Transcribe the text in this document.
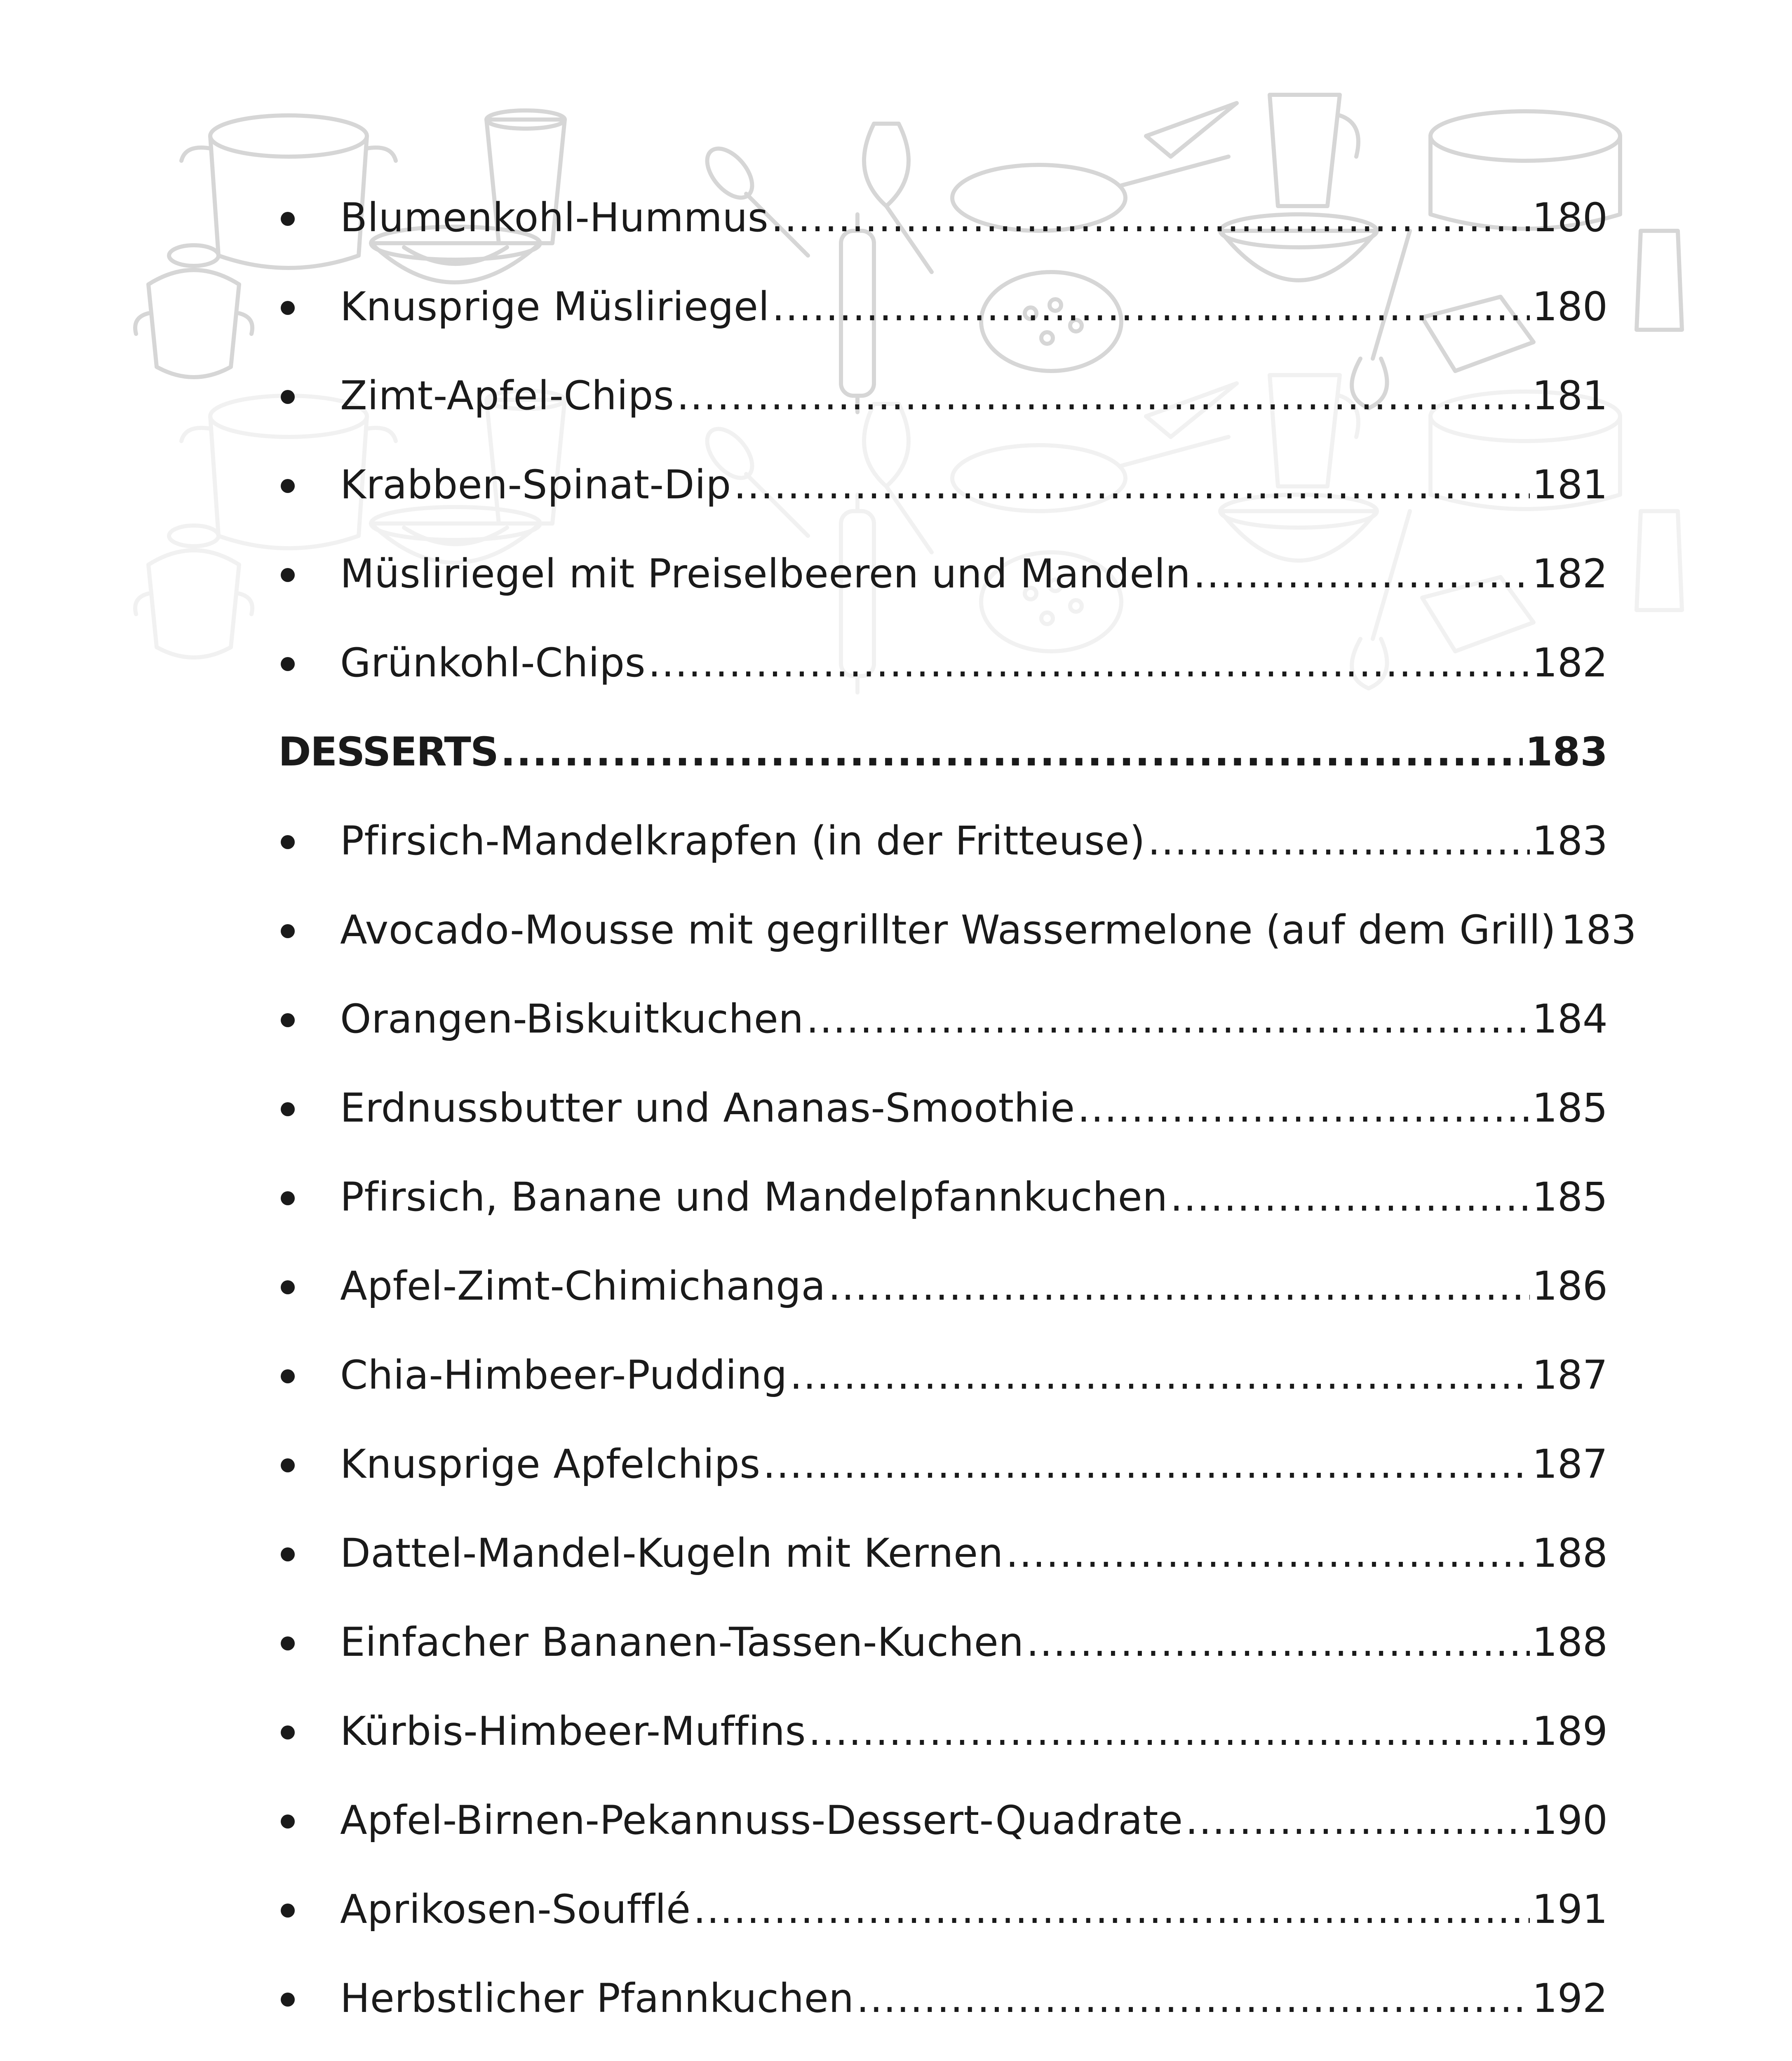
Blumenkohl-Hummus .....	180
Knusprige Müsliriegel .....	180
Zimt-Apfel-Chips .....	181
Krabben-Spinat-Dip .....	181
Müsliriegel mit Preiselbeeren und Mandeln .....	182
Grünkohl-Chips .....	182
DESSERTS .....	183
Pfirsich-Mandelkrapfen (in der Fritteuse) .....	183
Avocado-Mousse mit gegrillter Wassermelone (auf dem Grill) 183
Orangen-Biskuitkuchen .....	184
Erdnussbutter und Ananas-Smoothie .....	185
Pfirsich, Banane und Mandelpfannkuchen .....	185
Apfel-Zimt-Chimichanga .....	186
Chia-Himbeer-Pudding .....	187
Knusprige Apfelchips .....	187
Dattel-Mandel-Kugeln mit Kernen .....	188
Einfacher Bananen-Tassen-Kuchen .....	188
Kürbis-Himbeer-Muffins .....	189
Apfel-Birnen-Pekannuss-Dessert-Quadrate .....	190
Aprikosen-Soufflé .....	191
Herbstlicher Pfannkuchen .....	192
